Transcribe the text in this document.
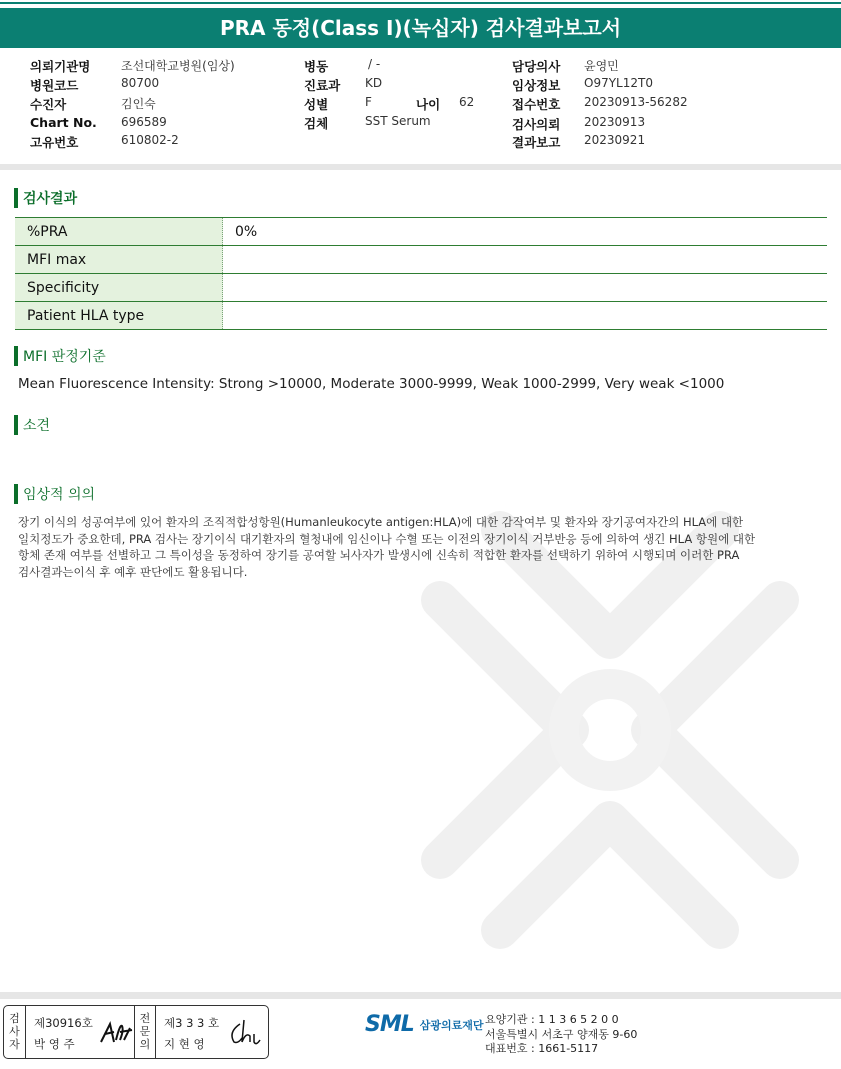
PRA 동정(Class I)(녹십자) 검사결과보고서
의뢰기관명	조선대학교병원(임상)
병원코드	80700
수진자	김인숙
Chart No. 696589
고유번호	610802-2
병동	/ -
진료과 KD
성별	F	나이 62
검체	SST Serum
담당의사 윤영민
임상정보 O97YL12T0
접수번호 20230913-56282
검사의뢰 20230913
결과보고 20230921
검사결과
%PRA	0%
MFI max
Specificity
Patient HLA type
MFI 판정기준
Mean Fluorescence Intensity: Strong >10000, Moderate 3000-9999, Weak 1000-2999, Very weak <1000
소견
임상적 의의
장기 이식의 성공여부에 있어 환자의 조직적합성항원(Humanleukocyte antigen:HLA)에 대한 감작여부 및 환자와 장기공여자간의 HLA에 대한
일치정도가 중요한데, PRA 검사는 장기이식 대기환자의 혈청내에 임신이나 수혈 또는 이전의 장기이식 거부반응 등에 의하여 생긴 HLA 항원에 대한
항체 존재 여부를 선별하고 그 특이성을 동정하여 장기를 공여할 뇌사자가 발생시에 신속히 적합한 환자를 선택하기 위하여 시행되며 이러한 PRA
검사결과는이식 후 예후 판단에도 활용됩니다.
검사자
제30916호
박 영 주
전문의
제3 3 3 호
지 현 영
SML 삼광의료재단 요양기관 : 1 1 3 6 5 2 0 0
서울특별시 서초구 양재동 9-60
대표번호 : 1661-5117
